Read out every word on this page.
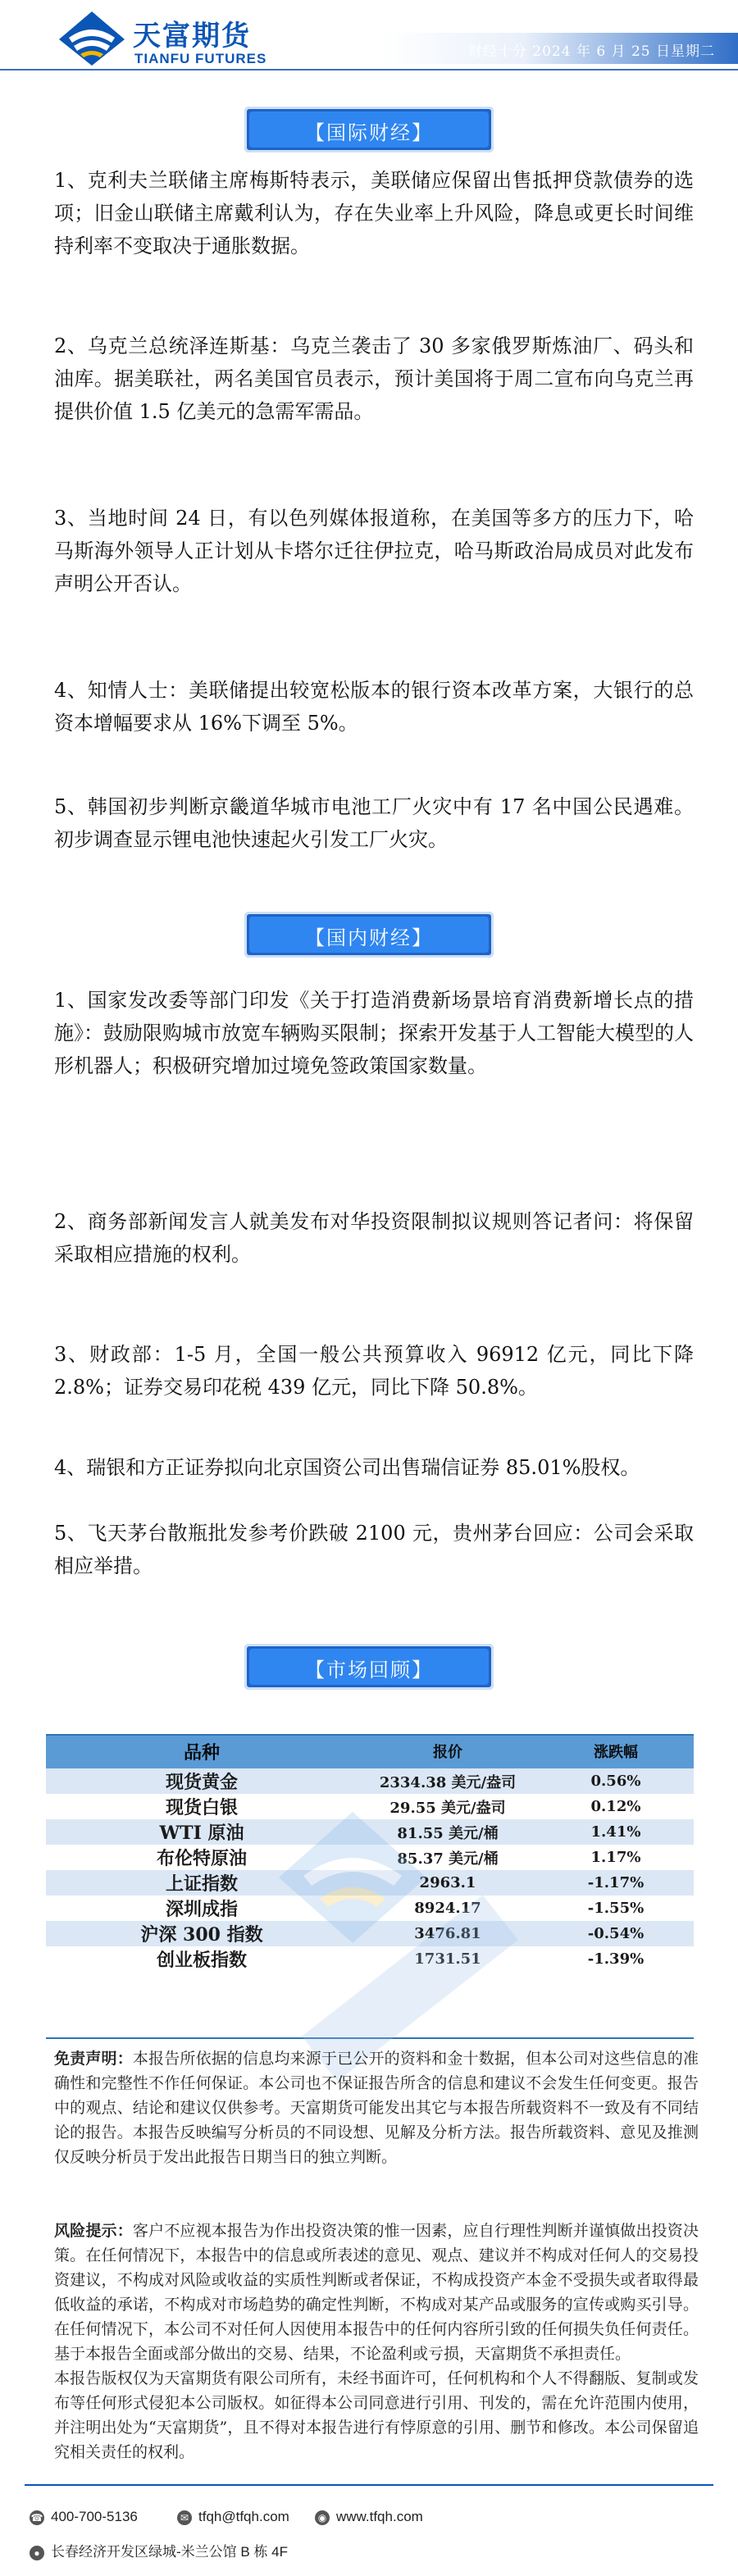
天富期货
TIANFU FUTURES	财经十分 2024 年 6 月 25 日星期二
【国际财经】

1、克利夫兰联储主席梅斯特表示，美联储应保留出售抵押贷款债券的选项；旧金山联储主席戴利认为，存在失业率上升风险，降息或更长时间维持利率不变取决于通胀数据。

2、乌克兰总统泽连斯基：乌克兰袭击了 30 多家俄罗斯炼油厂、码头和油库。据美联社，两名美国官员表示，预计美国将于周二宣布向乌克兰再提供价值 1.5 亿美元的急需军需品。

3、当地时间 24 日，有以色列媒体报道称，在美国等多方的压力下，哈马斯海外领导人正计划从卡塔尔迁往伊拉克，哈马斯政治局成员对此发布声明公开否认。

4、知情人士：美联储提出较宽松版本的银行资本改革方案，大银行的总资本增幅要求从 16%下调至 5%。

5、韩国初步判断京畿道华城市电池工厂火灾中有 17 名中国公民遇难。初步调查显示锂电池快速起火引发工厂火灾。

【国内财经】

1、国家发改委等部门印发《关于打造消费新场景培育消费新增长点的措施》：鼓励限购城市放宽车辆购买限制；探索开发基于人工智能大模型的人形机器人；积极研究增加过境免签政策国家数量。

2、商务部新闻发言人就美发布对华投资限制拟议规则答记者问：将保留采取相应措施的权利。

3、财政部：1-5 月，全国一般公共预算收入 96912 亿元，同比下降 2.8%；证券交易印花税 439 亿元，同比下降 50.8%。

4、瑞银和方正证券拟向北京国资公司出售瑞信证券 85.01%股权。

5、飞天茅台散瓶批发参考价跌破 2100 元，贵州茅台回应：公司会采取相应举措。

【市场回顾】
品种	报价	涨跌幅
现货黄金	2334.38 美元/盎司	0.56%
现货白银	29.55 美元/盎司	0.12%
WTI 原油	81.55 美元/桶	1.41%
布伦特原油	85.37 美元/桶	1.17%
上证指数	2963.1	-1.17%
深圳成指	8924.17	-1.55%
沪深 300 指数	3476.81	-0.54%
创业板指数	1731.51	-1.39%

免责声明：本报告所依据的信息均来源于已公开的资料和金十数据，但本公司对这些信息的准确性和完整性不作任何保证。本公司也不保证报告所含的信息和建议不会发生任何变更。报告中的观点、结论和建议仅供参考。天富期货可能发出其它与本报告所载资料不一致及有不同结论的报告。本报告反映编写分析员的不同设想、见解及分析方法。报告所载资料、意见及推测仅反映分析员于发出此报告日期当日的独立判断。

风险提示：客户不应视本报告为作出投资决策的惟一因素，应自行理性判断并谨慎做出投资决策。在任何情况下，本报告中的信息或所表述的意见、观点、建议并不构成对任何人的交易投资建议，不构成对风险或收益的实质性判断或者保证，不构成投资产本金不受损失或者取得最低收益的承诺，不构成对市场趋势的确定性判断，不构成对某产品或服务的宣传或购买引导。在任何情况下，本公司不对任何人因使用本报告中的任何内容所引致的任何损失负任何责任。基于本报告全面或部分做出的交易、结果，不论盈利或亏损，天富期货不承担责任。

本报告版权仅为天富期货有限公司所有，未经书面许可，任何机构和个人不得翻版、复制或发布等任何形式侵犯本公司版权。如征得本公司同意进行引用、刊发的，需在允许范围内使用，并注明出处为“天富期货”，且不得对本报告进行有悖原意的引用、删节和修改。本公司保留追究相关责任的权利。

☎ 400-700-5136	✉ tfqh@tfqh.com	◉ www.tfqh.com
● 长春经济开发区绿城-米兰公馆 B 栋 4F
